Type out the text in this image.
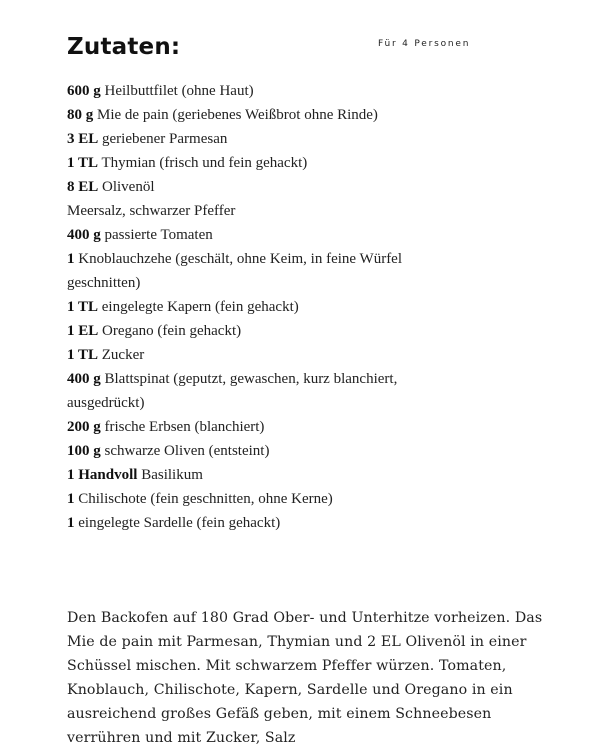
Zutaten:	Für 4 Personen
600 g Heilbuttfilet (ohne Haut)
80 g Mie de pain (geriebenes Weißbrot ohne Rinde)
3 EL geriebener Parmesan
1 TL Thymian (frisch und fein gehackt)
8 EL Olivenöl
Meersalz, schwarzer Pfeffer
400 g passierte Tomaten
1 Knoblauchzehe (geschält, ohne Keim, in feine Würfel geschnitten)
1 TL eingelegte Kapern (fein gehackt)
1 EL Oregano (fein gehackt)
1 TL Zucker
400 g Blattspinat (geputzt, gewaschen, kurz blanchiert, ausgedrückt)
200 g frische Erbsen (blanchiert)
100 g schwarze Oliven (entsteint)
1 Handvoll Basilikum
1 Chilischote (fein geschnitten, ohne Kerne)
1 eingelegte Sardelle (fein gehackt)

Den Backofen auf 180 Grad Ober- und Unterhitze vorheizen. Das Mie de pain mit Parmesan, Thymian und 2 EL Olivenöl in einer Schüssel mischen. Mit schwarzem Pfeffer würzen. Tomaten, Knoblauch, Chilischote, Kapern, Sardelle und Oregano in ein ausreichend großes Gefäß geben, mit einem Schneebesen verrühren und mit Zucker, Salz
